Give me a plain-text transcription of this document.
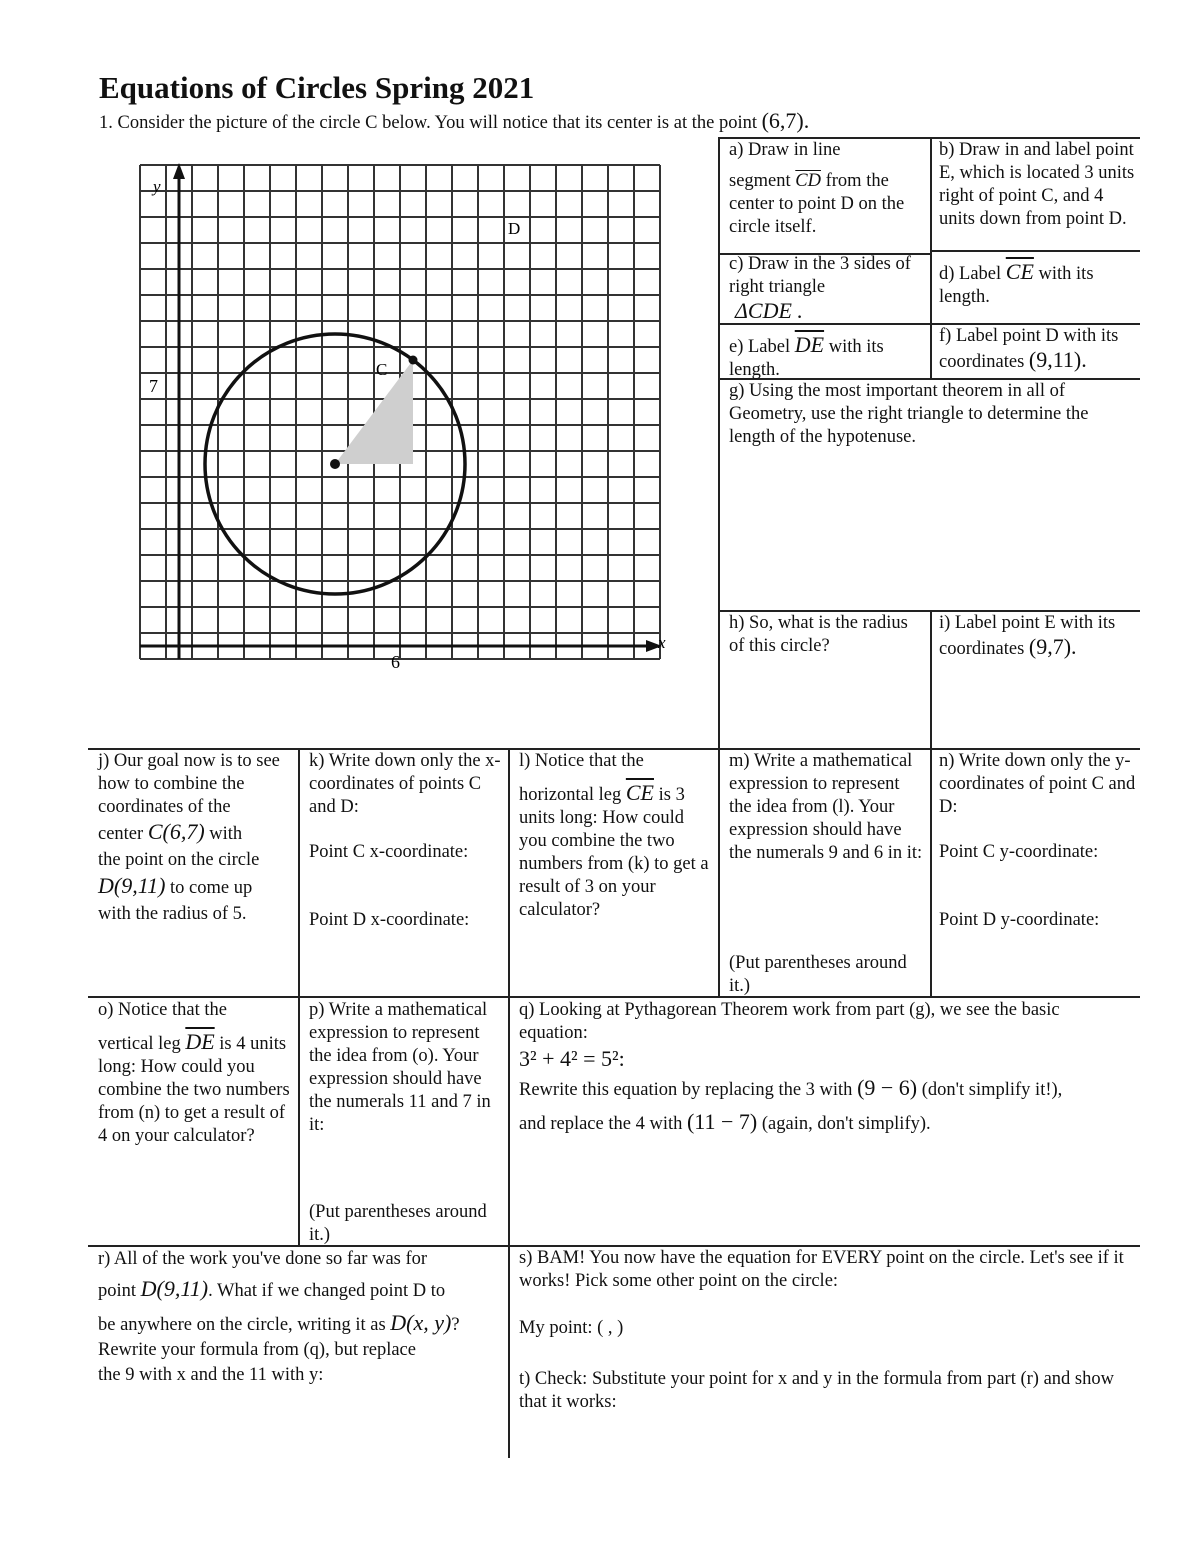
Equations of Circles Spring 2021
1. Consider the picture of the circle C below. You will notice that its center is at the point (6,7).
y
x
C
D
7
6

a) Draw in line

segment $\overline{CD}$ from the

center to point D on the

circle itself.

b) Draw in and label point E, which is located 3 units right of point C, and 4 units down from point D.

c) Draw in the 3 sides of right triangle

ΔCDE .

d) Label $\overline{CE}$ with its length.

e) Label $\overline{DE}$ with its length.

f) Label point D with its coordinates (9,11).

g) Using the most important theorem in all of Geometry, use the right triangle to determine the length of the hypotenuse.

h) So, what is the radius of this circle?

i) Label point E with its coordinates (9,7).

j) Our goal now is to see how to combine the coordinates of the

center C(6,7) with

the point on the circle

D(9,11) to come up

with the radius of 5.

k) Write down only the x-coordinates of points C and D:

Point C x-coordinate:

Point D x-coordinate:

l) Notice that the

horizontal leg $\overline{CE}$ is 3 units long: How could you combine the two numbers from (k) to get a result of 3 on your calculator?

m) Write a mathematical expression to represent the idea from (l). Your expression should have the numerals 9 and 6 in it:

(Put parentheses around it.)

n) Write down only the y-coordinates of point C and D:

Point C y-coordinate:

Point D y-coordinate:

o) Notice that the

vertical leg $\overline{DE}$ is 4 units long: How could you combine the two numbers from (n) to get a result of 4 on your calculator?

p) Write a mathematical expression to represent the idea from (o). Your expression should have the numerals 11 and 7 in it:

(Put parentheses around it.)

q) Looking at Pythagorean Theorem work from part (g), we see the basic equation:

3² + 4² = 5²:

Rewrite this equation by replacing the 3 with (9 − 6) (don't simplify it!),

and replace the 4 with (11 − 7) (again, don't simplify).

r) All of the work you've done so far was for

point D(9,11). What if we changed point D to

be anywhere on the circle, writing it as D(x, y)?

Rewrite your formula from (q), but replace

the 9 with x and the 11 with y:

s) BAM! You now have the equation for EVERY point on the circle. Let's see if it works! Pick some other point on the circle:

My point: ( , )

t) Check: Substitute your point for x and y in the formula from part (r) and show that it works:
